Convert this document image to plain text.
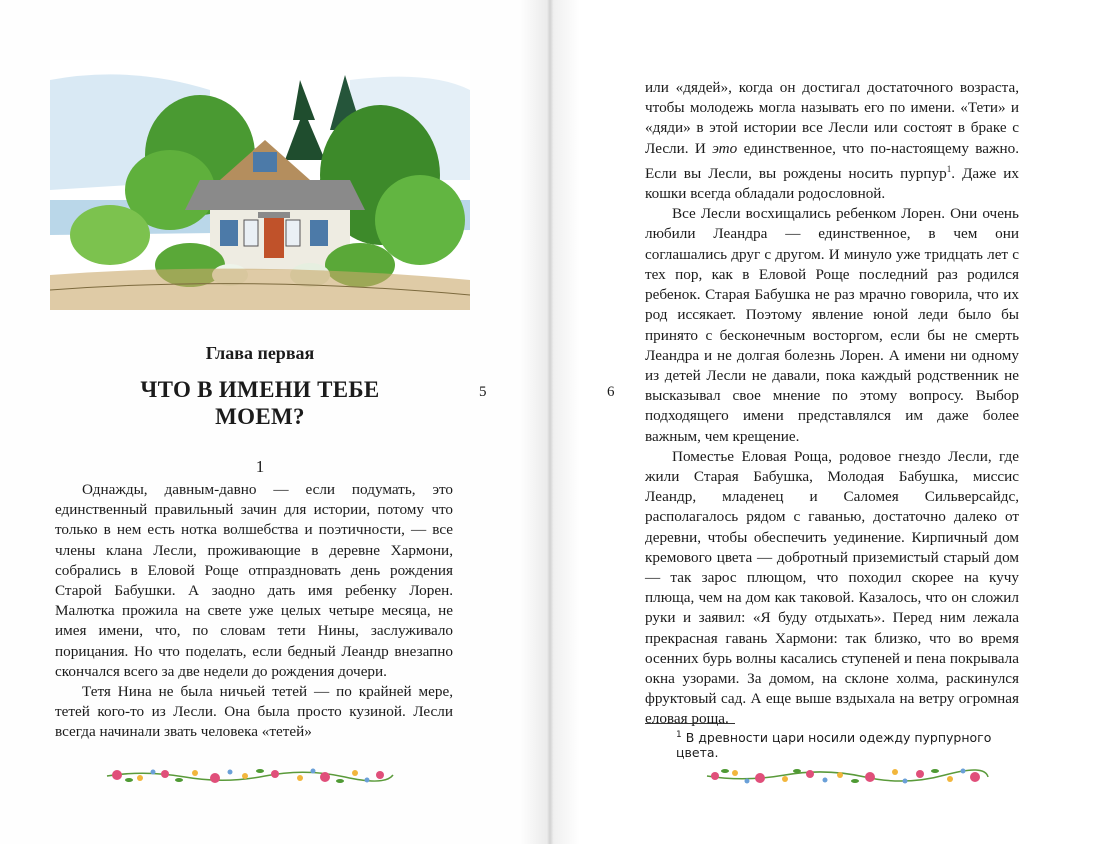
Глава первая
ЧТО В ИМЕНИ ТЕБЕ
МОЕМ?
1

Однажды, давным-давно — если подумать, это единственный правильный зачин для истории, потому что только в нем есть нотка волшебства и поэтичности, — все члены клана Лесли, проживающие в деревне Хармони, собрались в Еловой Роще отпраздновать день рождения Старой Бабушки. А заодно дать имя ребенку Лорен. Малютка прожила на свете уже целых четыре месяца, не имея имени, что, по словам тети Нины, заслуживало порицания. Но что поделать, если бедный Леандр внезапно скончался всего за две недели до рождения дочери.

Тетя Нина не была ничьей тетей — по крайней мере, тетей кого-то из Лесли. Она была просто кузиной. Лесли всегда начинали звать человека «тетей»

5

или «дядей», когда он достигал достаточного возраста, чтобы молодежь могла называть его по имени. «Тети» и «дяди» в этой истории все Лесли или состоят в браке с Лесли. И это единственное, что по-настоящему важно. Если вы Лесли, вы рождены носить пурпур$^1$. Даже их кошки всегда обладали родословной.

Все Лесли восхищались ребенком Лорен. Они очень любили Леандра — единственное, в чем они соглашались друг с другом. И минуло уже тридцать лет с тех пор, как в Еловой Роще последний раз родился ребенок. Старая Бабушка не раз мрачно говорила, что их род иссякает. Поэтому явление юной леди было бы принято с бесконечным восторгом, если бы не смерть Леандра и не долгая болезнь Лорен. А имени ни одному из детей Лесли не давали, пока каждый родственник не высказывал свое мнение по этому вопросу. Выбор подходящего имени представлялся им даже более важным, чем крещение.

Поместье Еловая Роща, родовое гнездо Лесли, где жили Старая Бабушка, Молодая Бабушка, миссис Леандр, младенец и Саломея Сильверсайдс, располагалось рядом с гаванью, достаточно далеко от деревни, чтобы обеспечить уединение. Кирпичный дом кремового цвета — добротный приземистый старый дом — так зарос плющом, что походил скорее на кучу плюща, чем на дом как таковой. Казалось, что он сложил руки и заявил: «Я буду отдыхать». Перед ним лежала прекрасная гавань Хармони: так близко, что во время осенних бурь волны касались ступеней и пена покрывала окна узорами. За домом, на склоне холма, раскинулся фруктовый сад. А еще выше вздыхала на ветру огромная еловая роща.

6
$^1$ В древности цари носили одежду пурпурного цвета.
